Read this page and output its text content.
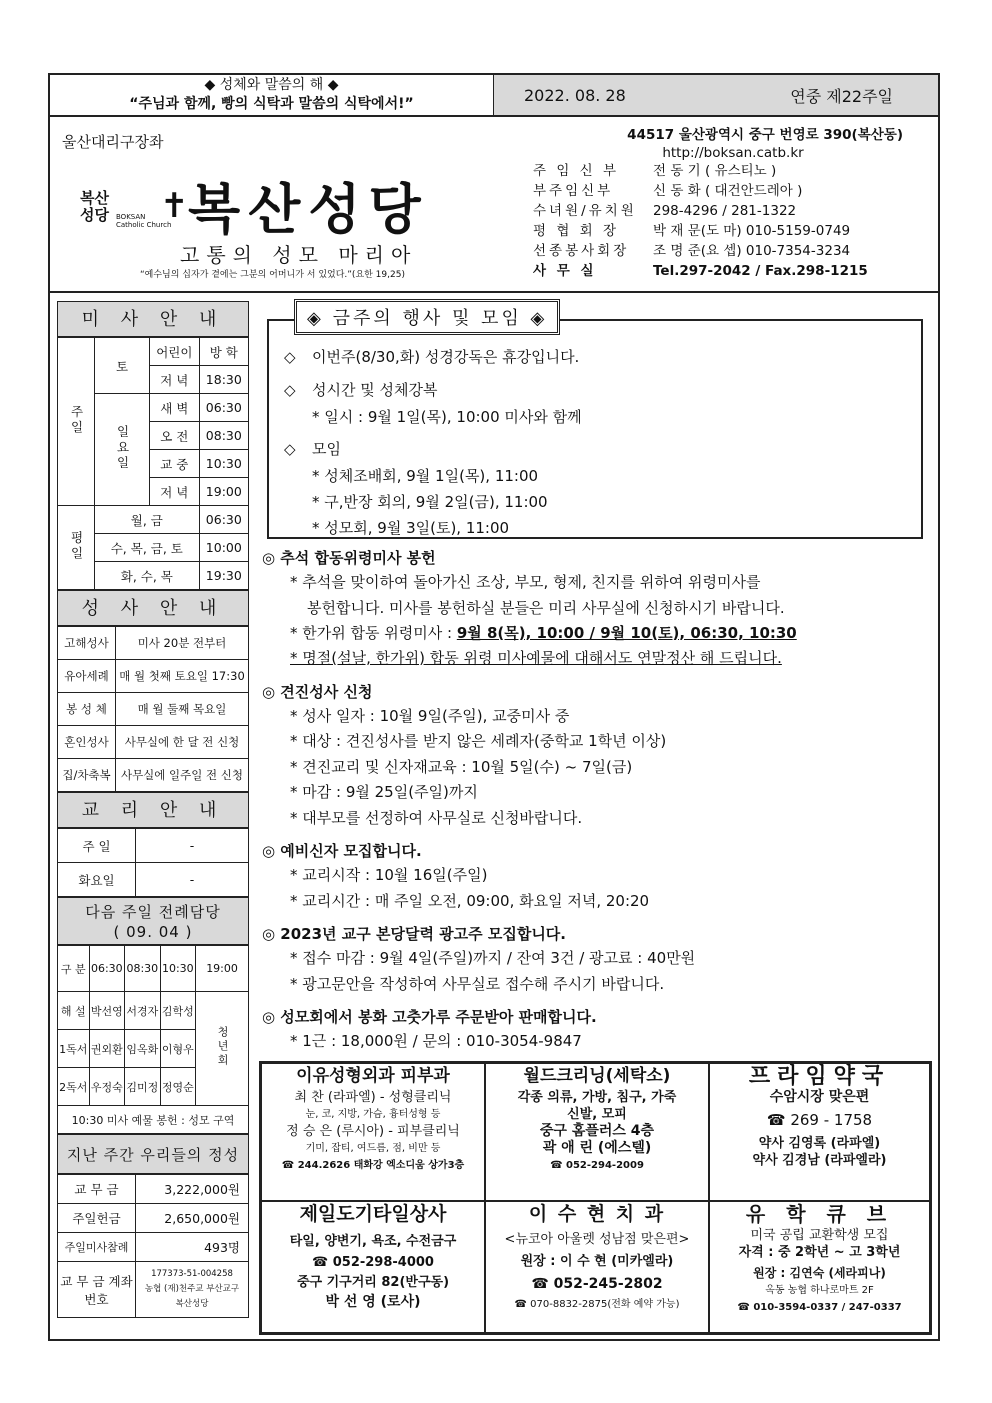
◆ 성체와 말씀의 해 ◆
“주님과 함께, 빵의 식탁과 말씀의 식탁에서!”	2022. 08. 28	연중 제22주일
울산대리구장좌
복산
성당 BOKSAN
Catholic Church
✝ 복산성당
고통의 성모 마리아
“예수님의 십자가 곁에는 그분의 어머니가 서 있었다.”(요한 19,25)
44517 울산광역시 중구 번영로 390(복산동)
http://boksan.catb.kr
주 임 신 부	전 동 기 ( 유스티노 )
부주임신부	신 동 화 ( 대건안드레아 )
수녀원/유치원	298-4296 / 281-1322
평 협 회 장	박 재 문(도 마) 010-5159-0749
선종봉사회장	조 명 준(요 셉) 010-7354-3234
사 무 실	Tel.297-2042 / Fax.298-1215
미 사 안 내
주일	토	어린이	방 학
		저 녁	18:30
	일요일	새 벽	06:30
		오 전	08:30
		교 중	10:30
		저 녁	19:00
평일	월, 금		06:30
	수, 목, 금, 토		10:00
	화, 수, 목		19:30
성 사 안 내
고해성사	미사 20분 전부터
유아세례	매 월 첫째 토요일 17:30
봉 성 체	매 월 둘째 목요일
혼인성사	사무실에 한 달 전 신청
집/차축복	사무실에 일주일 전 신청
교 리 안 내
주 일	-
화요일	-
다음 주일 전례담당
( 09. 04 )
구 분	06:30	08:30	10:30	19:00
해 설	박선영	서경자	김학성	청년회
1독서	권외환	임옥화	이형우	
2독서	우정숙	김미정	정영순	
10:30 미사 예물 봉헌 : 성모 구역				
지난 주간 우리들의 정성
교 무 금	3,222,000원
주일헌금	2,650,000원
주일미사참례	493명
교 무 금 계좌번호	177373-51-004258
농협 (재)천주교 부산교구
복산성당
◈ 금주의 행사 및 모임 ◈
◇ 이번주(8/30,화) 성경강독은 휴강입니다.
◇ 성시간 및 성체강복
* 일시 : 9월 1일(목), 10:00 미사와 함께
◇ 모임
* 성체조배회, 9월 1일(목), 11:00
* 구,반장 회의, 9월 2일(금), 11:00
* 성모회, 9월 3일(토), 11:00
◎ 추석 합동위령미사 봉헌
* 추석을 맞이하여 돌아가신 조상, 부모, 형제, 친지를 위하여 위령미사를
봉헌합니다. 미사를 봉헌하실 분들은 미리 사무실에 신청하시기 바랍니다.
* 한가위 합동 위령미사 : 9월 8(목), 10:00 / 9월 10(토), 06:30, 10:30
* 명절(설날, 한가위) 합동 위령 미사예물에 대해서도 연말정산 해 드립니다.
◎ 견진성사 신청
* 성사 일자 : 10월 9일(주일), 교중미사 중
* 대상 : 견진성사를 받지 않은 세례자(중학교 1학년 이상)
* 견진교리 및 신자재교육 : 10월 5일(수) ~ 7일(금)
* 마감 : 9월 25일(주일)까지
* 대부모를 선정하여 사무실로 신청바랍니다.
◎ 예비신자 모집합니다.
* 교리시작 : 10월 16일(주일)
* 교리시간 : 매 주일 오전, 09:00, 화요일 저녁, 20:20
◎ 2023년 교구 본당달력 광고주 모집합니다.
* 접수 마감 : 9월 4일(주일)까지 / 잔여 3건 / 광고료 : 40만원
* 광고문안을 작성하여 사무실로 접수해 주시기 바랍니다.
◎ 성모회에서 봉화 고춧가루 주문받아 판매합니다.
* 1근 : 18,000원 / 문의 : 010-3054-9847
이유성형외과 피부과
최 찬 (라파엘) - 성형클리닉
눈, 코, 지방, 가슴, 흉터성형 등
정 승 은 (루시아) - 피부클리닉
기미, 잡티, 여드름, 점, 비만 등
☎ 244.2626 태화강 엑소디움 상가3층
월드크리닝(세탁소)
각종 의류, 가방, 침구, 가죽
신발, 모피
중구 홈플러스 4층
곽 애 린 (에스텔)
☎ 052-294-2009
프라임약국
수암시장 맞은편
☎ 269 - 1758
약사 김영록 (라파엘)
약사 김경남 (라파엘라)
제일도기타일상사
타일, 양변기, 욕조, 수전금구
☎ 052-298-4000
중구 기구거리 82(반구동)
박 선 영 (로사)
이 수 현 치 과
<뉴코아 아울렛 성남점 맞은편>
원장 : 이 수 현 (미카엘라)
☎ 052-245-2802
☎ 070-8832-2875(전화 예약 가능)
유 학 큐 브
미국 공립 교환학생 모집
자격 : 중 2학년 ~ 고 3학년
원장 : 김연숙 (세라피나)
옥동 농협 하나로마트 2F
☎ 010-3594-0337 / 247-0337
